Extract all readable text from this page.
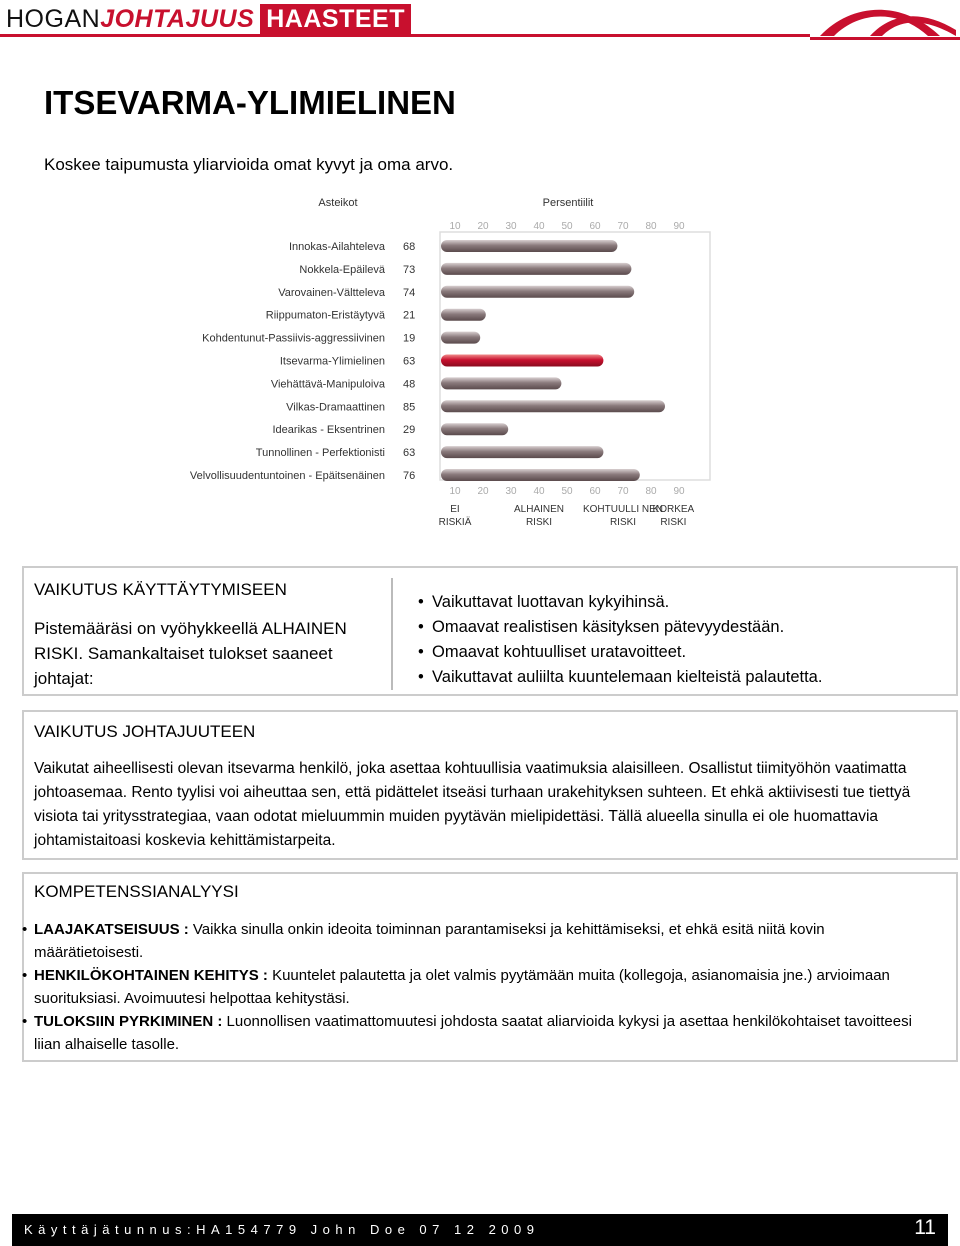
HOGANJOHTAJUUS HAASTEET
ITSEVARMA-YLIMIELINEN
Koskee taipumusta yliarvioida omat kyvyt ja oma arvo.
Asteikot	Persentiilit
10 20 30 40 50 60 70 80 90
10 20 30 40 50 60 70 80 90
Innokas-Ailahteleva
Nokkela-Epäilevä
Varovainen-Vältteleva
Riippumaton-Eristäytyvä
Kohdentunut-Passiivis-aggressiivinen
Itsevarma-Ylimielinen
Viehättävä-Manipuloiva
Vilkas-Dramaattinen
Idearikas - Eksentrinen
Tunnollinen - Perfektionisti
Velvollisuudentuntoinen - Epäitsenäinen
68
73
74
21
19
63
48
85
29
63
76
EI RISKIÄ
ALHAINEN RISKI
KOHTUULLI NEN RISKI
KORKEA RISKI
VAIKUTUS KÄYTTÄYTYMISEEN
Pistemääräsi on vyöhykkeellä ALHAINEN RISKI. Samankaltaiset tulokset saaneet johtajat:
• Vaikuttavat luottavan kykyihinsä.
• Omaavat realistisen käsityksen pätevyydestään.
• Omaavat kohtuulliset uratavoitteet.
• Vaikuttavat auliilta kuuntelemaan kielteistä palautetta.
VAIKUTUS JOHTAJUUTEEN
Vaikutat aiheellisesti olevan itsevarma henkilö, joka asettaa kohtuullisia vaatimuksia alaisilleen. Osallistut tiimityöhön vaatimatta johtoasemaa. Rento tyylisi voi aiheuttaa sen, että pidättelet itseäsi turhaan urakehityksen suhteen. Et ehkä aktiivisesti tue tiettyä visiota tai yritysstrategiaa, vaan odotat mieluummin muiden pyytävän mielipidettäsi. Tällä alueella sinulla ei ole huomattavia johtamistaitoasi koskevia kehittämistarpeita.
KOMPETENSSIANALYYSI
• LAAJAKATSEISUUS : Vaikka sinulla onkin ideoita toiminnan parantamiseksi ja kehittämiseksi, et ehkä esitä niitä kovin määrätietoisesti.
• HENKILÖKOHTAINEN KEHITYS : Kuuntelet palautetta ja olet valmis pyytämään muita (kollegoja, asianomaisia jne.) arvioimaan suorituksiasi. Avoimuutesi helpottaa kehitystäsi.
• TULOKSIIN PYRKIMINEN : Luonnollisen vaatimattomuutesi johdosta saatat aliarvioida kykysi ja asettaa henkilökohtaiset tavoitteesi liian alhaiselle tasolle.
Käyttäjätunnus:HA154779 John Doe 07 12 2009	11
